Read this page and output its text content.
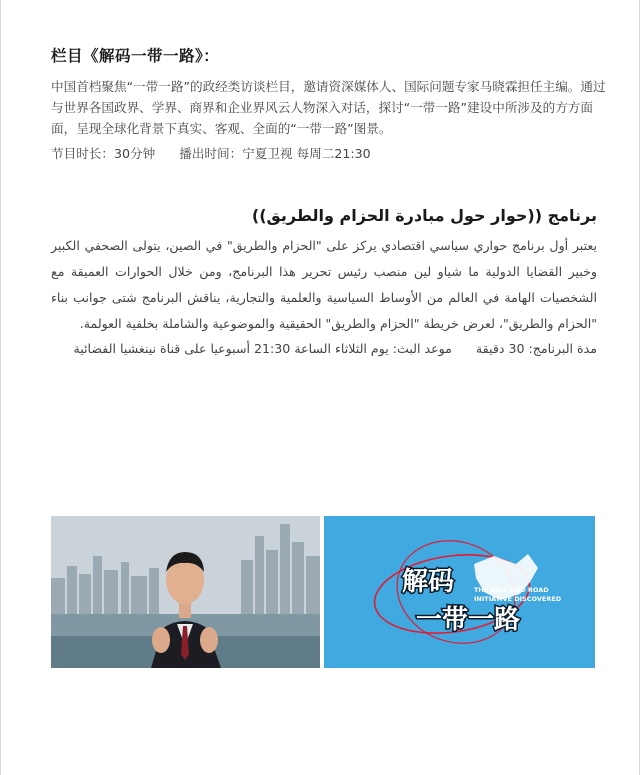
栏目《解码一带一路》：

中国首档聚焦“一带一路”的政经类访谈栏目，邀请资深媒体人、国际问题专家马晓霖担任主编。通过与世界各国政界、学界、商界和企业界风云人物深入对话，探讨“一带一路”建设中所涉及的方方面面，呈现全球化背景下真实、客观、全面的“一带一路”图景。

节目时长：30分钟 播出时间：宁夏卫视 每周二21:30
برنامج ((حوار حول مبادرة الحزام والطريق))

يعتبر أول برنامج حواري سياسي اقتصادي يركز على "الحزام والطريق" في الصين، يتولى الصحفي الكبير وخبير القضايا الدولية ما شياو لين منصب رئيس تحرير هذا البرنامج، ومن خلال الحوارات العميقة مع الشخصيات الهامة في العالم من الأوساط السياسية والعلمية والتجارية، يناقش البرنامج شتى جوانب بناء "الحزام والطريق"، لعرض خريطة "الحزام والطريق" الحقيقية والموضوعية والشاملة بخلفية العولمة.

مدة البرنامج: 30 دقيقة      موعد البث: يوم الثلاثاء الساعة 21:30 أسبوعيا على قناة نينغشيا الفضائية
解码
一带一路
THE BELT AND ROAD
INITIATIVE DISCOVERED
